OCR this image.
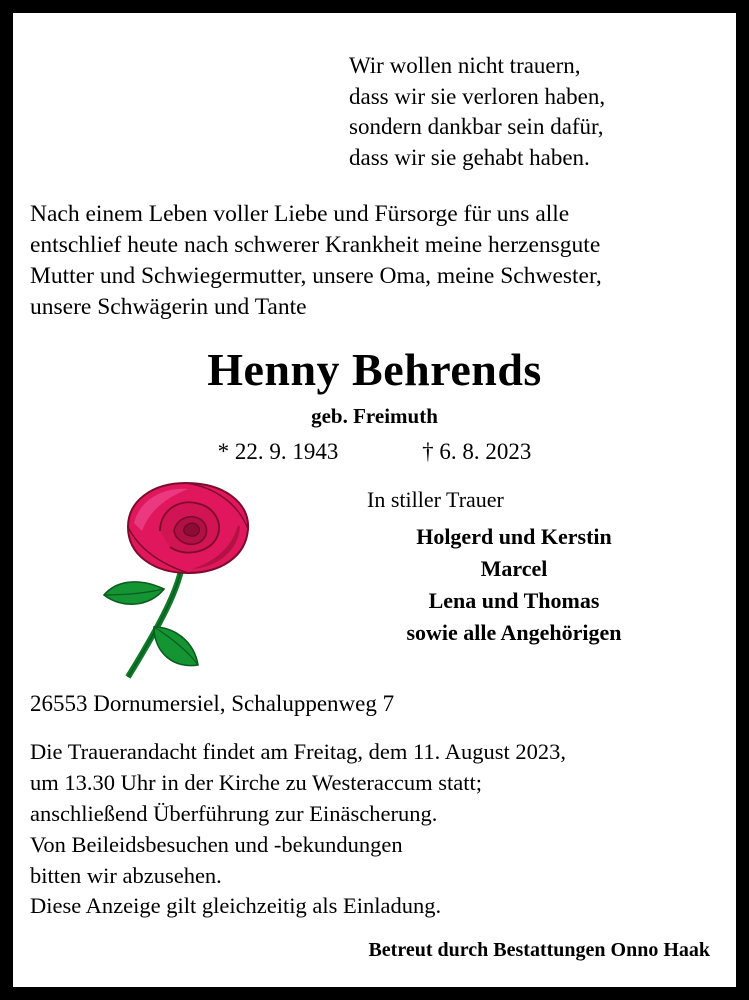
Wir wollen nicht trauern,
dass wir sie verloren haben,
sondern dankbar sein dafür,
dass wir sie gehabt haben.
Nach einem Leben voller Liebe und Fürsorge für uns alle
entschlief heute nach schwerer Krankheit meine herzensgute
Mutter und Schwiegermutter, unsere Oma, meine Schwester,
unsere Schwägerin und Tante
Henny Behrends
geb. Freimuth
* 22. 9. 1943	† 6. 8. 2023
In stiller Trauer
Holgerd und Kerstin
Marcel
Lena und Thomas
sowie alle Angehörigen
26553 Dornumersiel, Schaluppenweg 7
Die Trauerandacht findet am Freitag, dem 11. August 2023,
um 13.30 Uhr in der Kirche zu Westeraccum statt;
anschließend Überführung zur Einäscherung.
Von Beileidsbesuchen und -bekundungen
bitten wir abzusehen.
Diese Anzeige gilt gleichzeitig als Einladung.
Betreut durch Bestattungen Onno Haak
